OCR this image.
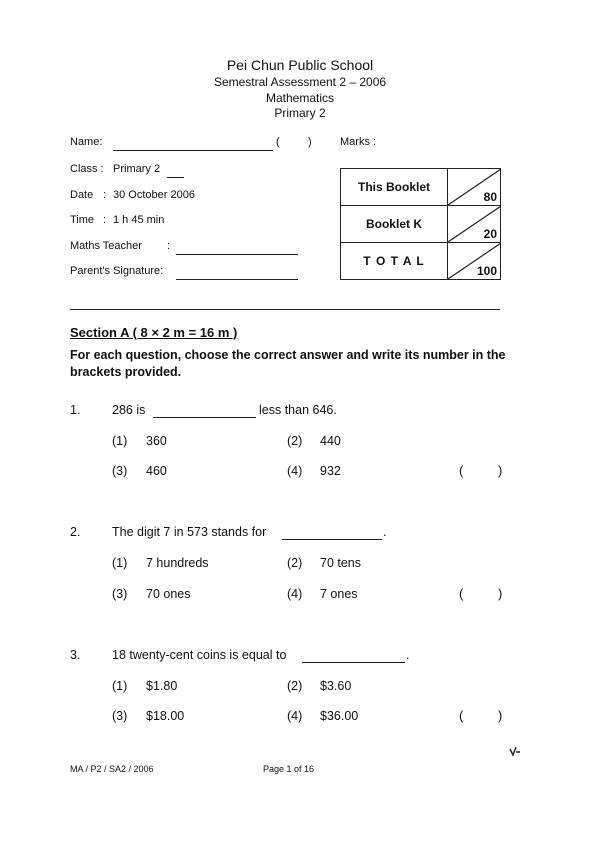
Pei Chun Public School
Semestral Assessment 2 – 2006
Mathematics
Primary 2
Name:	(	)	Marks :
Class : Primary 2
Date : 30 October 2006
Time : 1 h 45 min
Maths Teacher :
Parent's Signature:
This Booklet
80
Booklet K
20
T O T A L
100
Section A ( 8 × 2 m = 16 m )
For each question, choose the correct answer and write its number in the brackets provided.
1.	286 is	less than 646.
(1) 360	(2) 440
(3) 460	(4) 932	(	)
2.	The digit 7 in 573 stands for	.
(1) 7 hundreds	(2) 70 tens
(3) 70 ones	(4) 7 ones	(	)
3.	18 twenty-cent coins is equal to	.
(1) $1.80	(2) $3.60
(3) $18.00	(4) $36.00	(	)
MA / P2 / SA2 / 2006	Page 1 of 16
